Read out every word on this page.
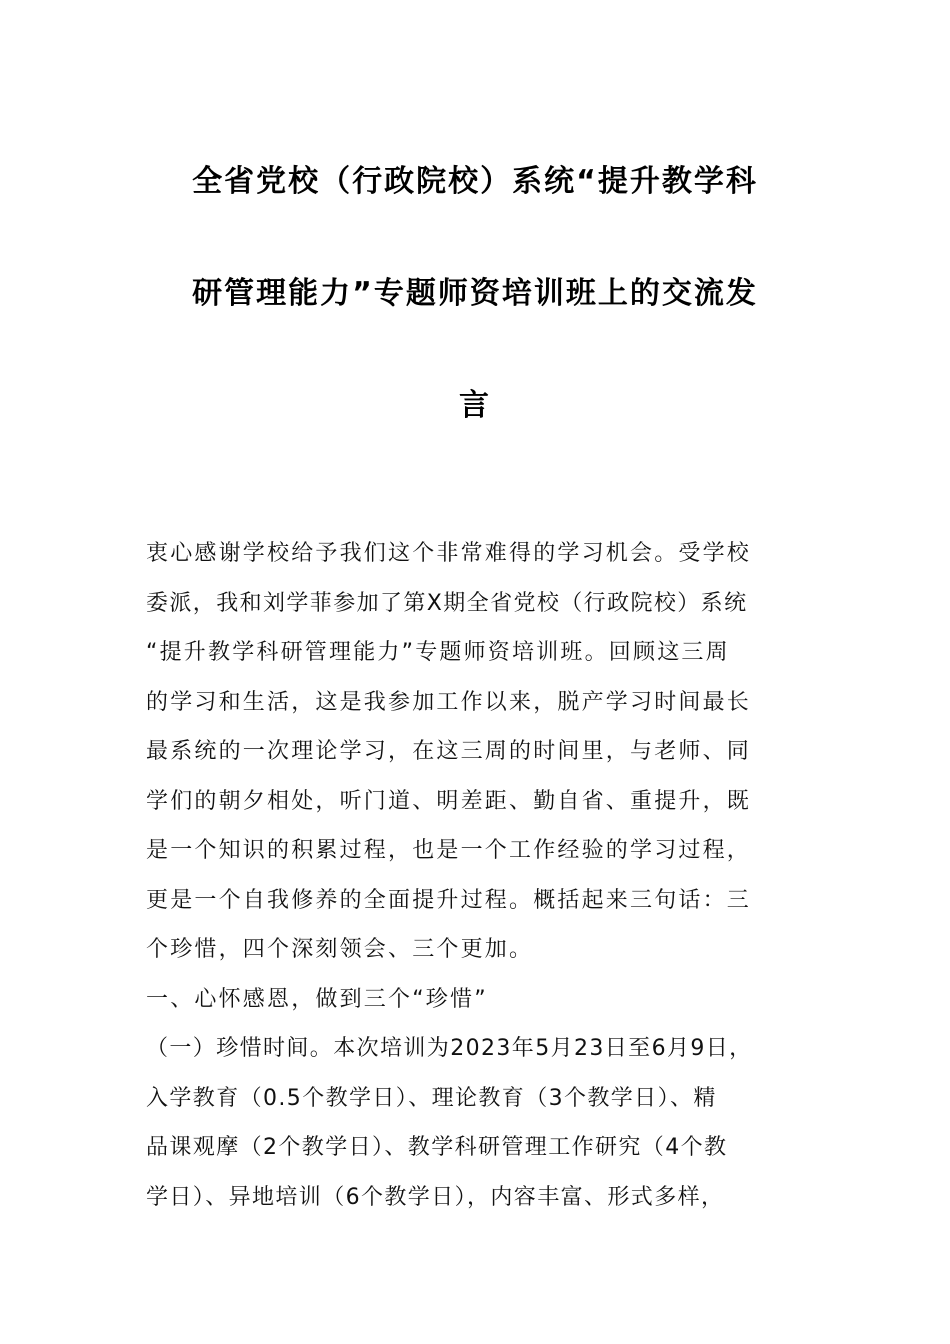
全省党校（行政院校）系统“提升教学科
研管理能力”专题师资培训班上的交流发
言
衷心感谢学校给予我们这个非常难得的学习机会。受学校
委派，我和刘学菲参加了第X期全省党校（行政院校）系统
“提升教学科研管理能力”专题师资培训班。回顾这三周
的学习和生活，这是我参加工作以来，脱产学习时间最长
最系统的一次理论学习，在这三周的时间里，与老师、同
学们的朝夕相处，听门道、明差距、勤自省、重提升，既
是一个知识的积累过程，也是一个工作经验的学习过程，
更是一个自我修养的全面提升过程。概括起来三句话：三
个珍惜，四个深刻领会、三个更加。
一、心怀感恩，做到三个“珍惜”
（一）珍惜时间。本次培训为2023年5月23日至6月9日，
入学教育（0.5个教学日）、理论教育（3个教学日）、精
品课观摩（2个教学日）、教学科研管理工作研究（4个教
学日）、异地培训（6个教学日），内容丰富、形式多样，
